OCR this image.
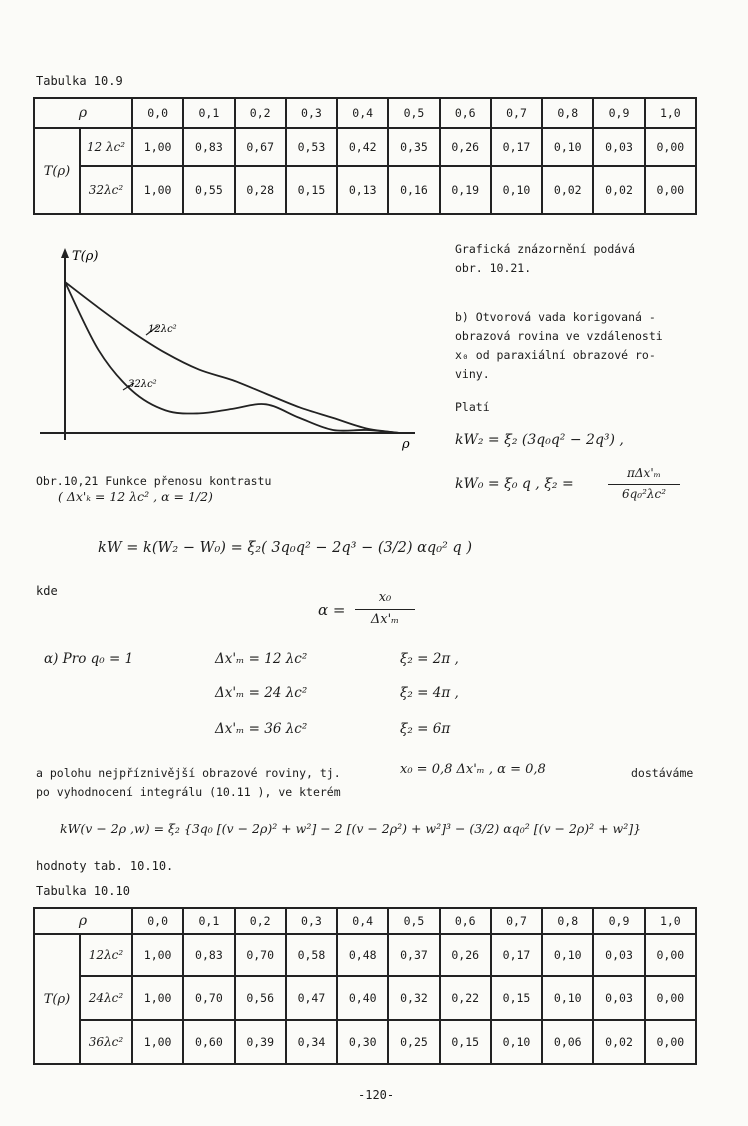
Tabulka 10.9
ρ		0,0	0,1	0,2	0,3	0,4	0,5	0,6	0,7	0,8	0,9	1,0
T(ρ)	12 λc²	1,00	0,83	0,67	0,53	0,42	0,35	0,26	0,17	0,10	0,03	0,00
	32λc²	1,00	0,55	0,28	0,15	0,13	0,16	0,19	0,10	0,02	0,02	0,00
T(ρ)
ρ
12λc²
32λc²
Obr.10,21 Funkce přenosu kontrastu
( Δx'ₖ = 12 λc² , α = 1/2)
Grafická znázornění podává
obr. 10.21.
b) Otvorová vada korigovaná -
obrazová rovina ve vzdálenosti
x₀ od paraxiální obrazové ro-
viny.
Platí
kW₂ = ξ₂ (3q₀q² − 2q³) ,
kW₀ = ξ₀ q , ξ₂ =
πΔx'ₘ
6q₀²λc²
kW = k(W₂ − W₀) = ξ₂( 3q₀q² − 2q³ − (3/2) αq₀² q )
kde
α =
x₀
Δx'ₘ
α) Pro q₀ = 1	Δx'ₘ = 12 λc²	ξ₂ = 2π ,
Δx'ₘ = 24 λc²	ξ₂ = 4π ,
Δx'ₘ = 36 λc²	ξ₂ = 6π
a polohu nejpříznivější obrazové roviny, tj.	x₀ = 0,8 Δx'ₘ , α = 0,8	dostáváme
po vyhodnocení integrálu (10.11 ), ve kterém
kW(v − 2ρ ,w) = ξ₂ {3q₀ [(v − 2ρ)² + w²] − 2 [(v − 2ρ²) + w²]³ − (3/2) αq₀² [(v − 2ρ)² + w²]}
hodnoty tab. 10.10.
Tabulka 10.10
ρ		0,0	0,1	0,2	0,3	0,4	0,5	0,6	0,7	0,8	0,9	1,0
T(ρ)	12λc²	1,00	0,83	0,70	0,58	0,48	0,37	0,26	0,17	0,10	0,03	0,00
	24λc²	1,00	0,70	0,56	0,47	0,40	0,32	0,22	0,15	0,10	0,03	0,00
	36λc²	1,00	0,60	0,39	0,34	0,30	0,25	0,15	0,10	0,06	0,02	0,00
-120-
